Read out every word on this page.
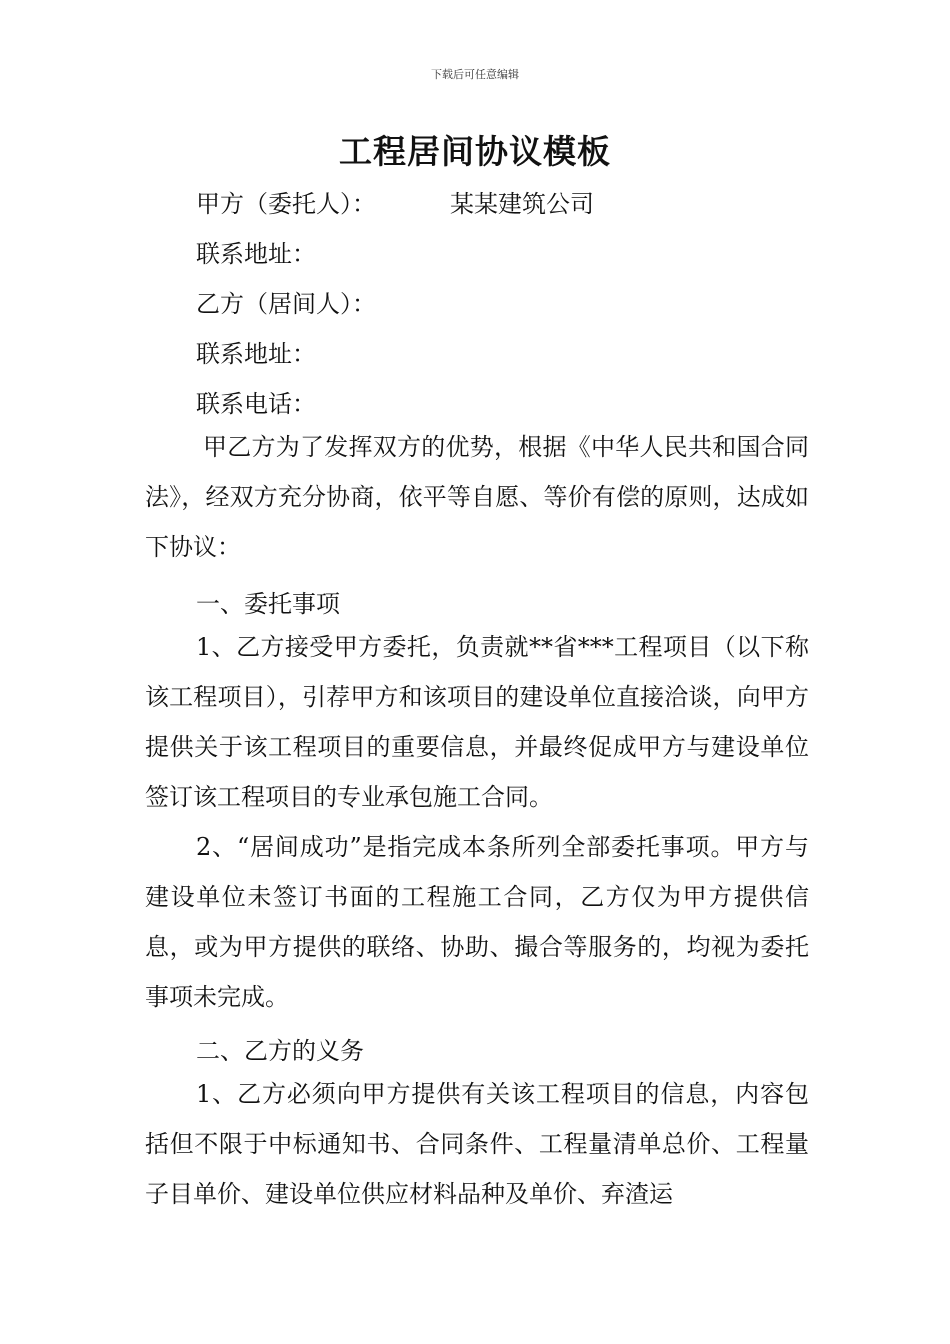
下载后可任意编辑
工程居间协议模板
甲方（委托人）：	某某建筑公司
联系地址：
乙方（居间人）：
联系地址：
联系电话：

甲乙方为了发挥双方的优势，根据《中华人民共和国合同法》，经双方充分协商，依平等自愿、等价有偿的原则，达成如下协议：

一、委托事项

1、乙方接受甲方委托，负责就**省***工程项目（以下称该工程项目），引荐甲方和该项目的建设单位直接洽谈，向甲方提供关于该工程项目的重要信息，并最终促成甲方与建设单位签订该工程项目的专业承包施工合同。

2、“居间成功”是指完成本条所列全部委托事项。甲方与建设单位未签订书面的工程施工合同，乙方仅为甲方提供信息，或为甲方提供的联络、协助、撮合等服务的，均视为委托事项未完成。

二、乙方的义务

1、乙方必须向甲方提供有关该工程项目的信息，内容包括但不限于中标通知书、合同条件、工程量清单总价、工程量子目单价、建设单位供应材料品种及单价、弃渣运
